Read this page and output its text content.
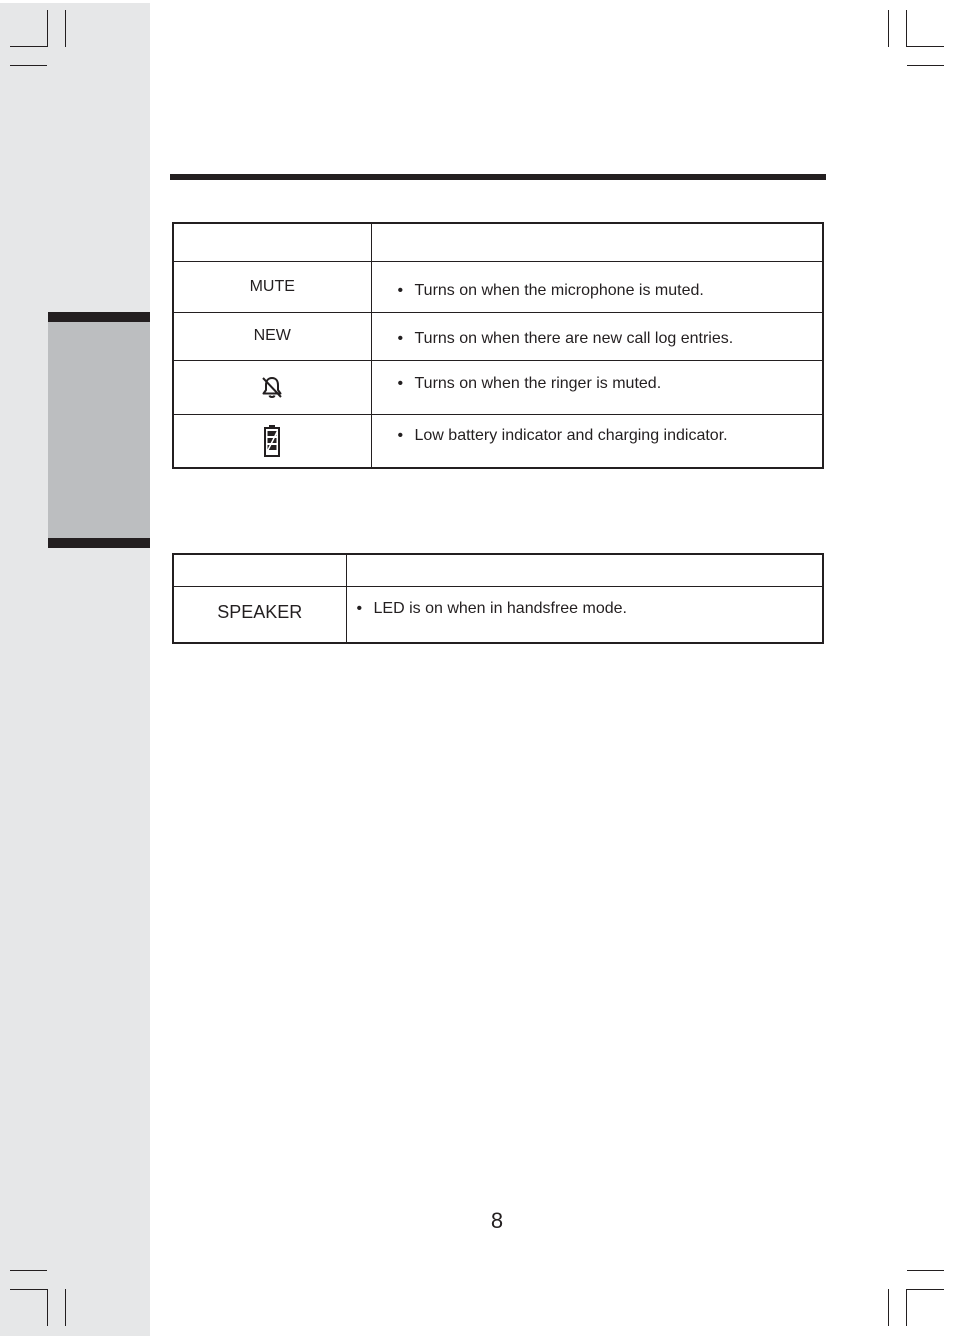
MUTE	• Turns on when the microphone is muted.
NEW	• Turns on when there are new call log entries.

	• Turns on when the ringer is muted.

	• Low battery indicator and charging indicator.

SPEAKER	• LED is on when in handsfree mode.
8
